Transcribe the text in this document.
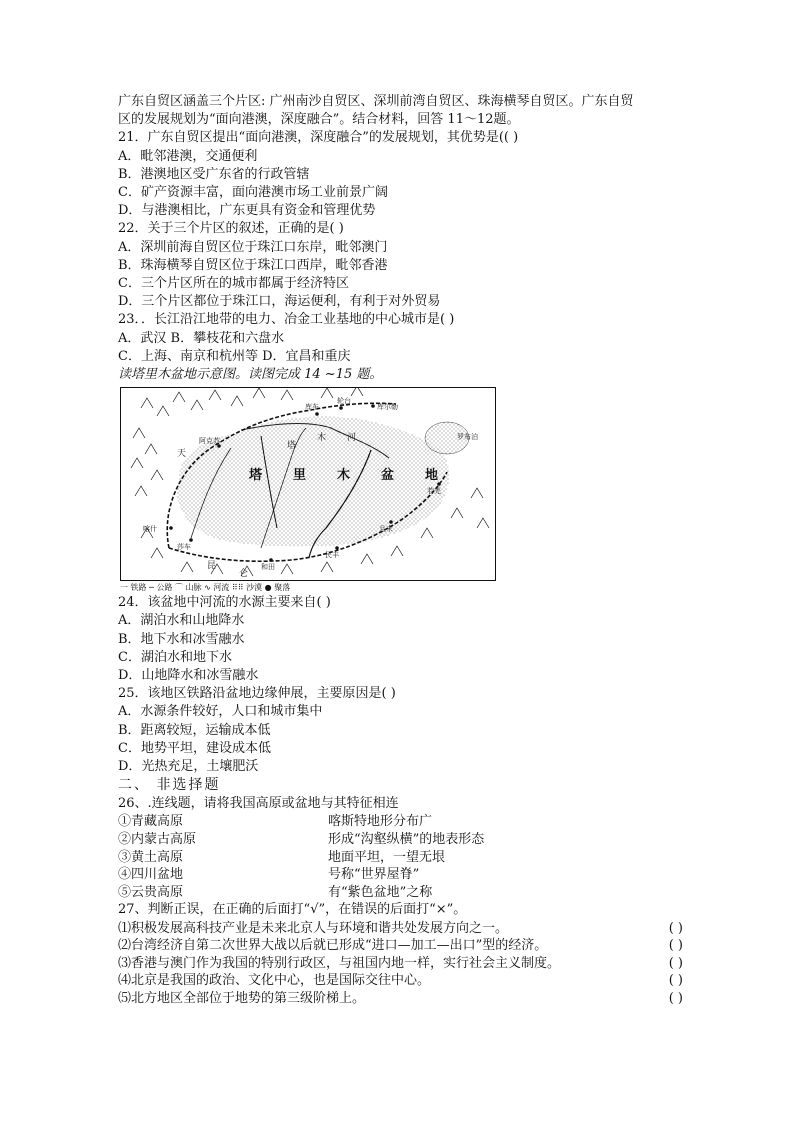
广东自贸区涵盖三个片区: 广州南沙自贸区、深圳前湾自贸区、珠海横琴自贸区。广东自贸
区的发展规划为“面向港澳，深度融合”。结合材料，回答 11～12题。
21．广东自贸区提出“面向港澳，深度融合”的发展规划，其优势是(( )
A．毗邻港澳，交通便利
B．港澳地区受广东省的行政管辖
C．矿产资源丰富，面向港澳市场工业前景广阔
D．与港澳相比，广东更具有资金和管理优势
22．关于三个片区的叙述，正确的是( )
A．深圳前海自贸区位于珠江口东岸，毗邻澳门
B．珠海横琴自贸区位于珠江口西岸，毗邻香港
C．三个片区所在的城市都属于经济特区
D．三个片区都位于珠江口，海运便利，有利于对外贸易
23．．长江沿江地带的电力、冶金工业基地的中心城市是( )
A．武汉 B．攀枝花和六盘水
C．上海、南京和杭州等 D．宜昌和重庆
读塔里木盆地示意图。读图完成 14 ~15 题。
阿克苏
库车
轮台
库尔勒
罗布泊
若羌
且末
民丰
和田
莎车
喀什
塔
木 河
天
昆
仑
塔 里 木 盆 地
一 铁路 ─ 公路 ⌒ 山脉 ∿ 河流 ⠿⠿ 沙漠 ● 聚落
24．该盆地中河流的水源主要来自( )
A．湖泊水和山地降水
B．地下水和冰雪融水
C．湖泊水和地下水
D．山地降水和冰雪融水
25．该地区铁路沿盆地边缘伸展，主要原因是( )
A．水源条件较好，人口和城市集中
B．距离较短，运输成本低
C．地势平坦，建设成本低
D．光热充足，土壤肥沃
二、 非选择题
26、.连线题，请将我国高原或盆地与其特征相连
①青藏高原	喀斯特地形分布广
②内蒙古高原	形成“沟壑纵横”的地表形态
③黄土高原	地面平坦，一望无垠
④四川盆地	号称“世界屋脊”
⑤云贵高原	有“紫色盆地”之称
27、判断正误，在正确的后面打“√”，在错误的后面打“×”。
⑴积极发展高科技产业是未来北京人与环境和谐共处发展方向之一。	( )
⑵台湾经济自第二次世界大战以后就已形成“进口—加工—出口”型的经济。	( )
⑶香港与澳门作为我国的特别行政区，与祖国内地一样，实行社会主义制度。	( )
⑷北京是我国的政治、文化中心，也是国际交往中心。	( )
⑸北方地区全部位于地势的第三级阶梯上。	( )
